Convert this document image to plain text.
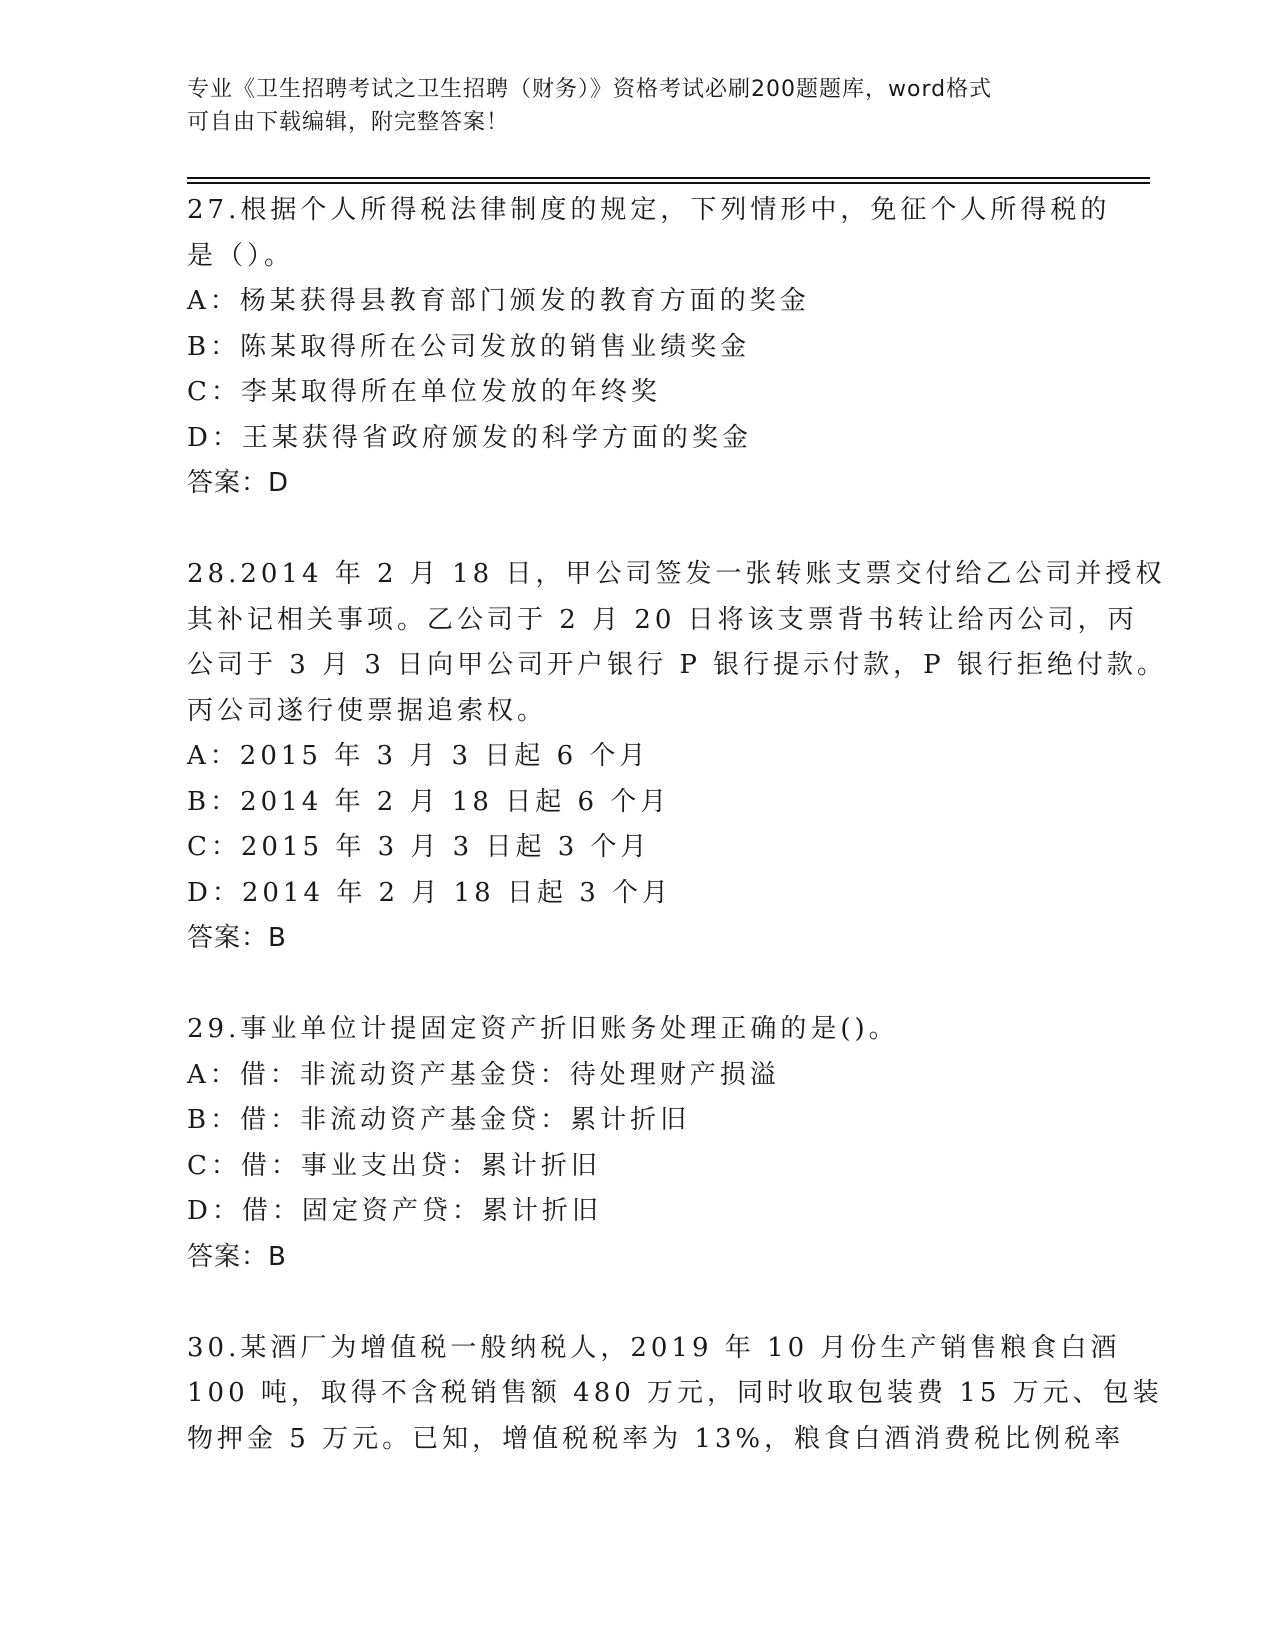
专业《卫生招聘考试之卫生招聘（财务）》资格考试必刷200题题库，word格式
可自由下载编辑，附完整答案！
27.根据个人所得税法律制度的规定，下列情形中，免征个人所得税的
是（）。
A：杨某获得县教育部门颁发的教育方面的奖金
B：陈某取得所在公司发放的销售业绩奖金
C：李某取得所在单位发放的年终奖
D：王某获得省政府颁发的科学方面的奖金
答案：D
28.2014 年 2 月 18 日，甲公司签发一张转账支票交付给乙公司并授权
其补记相关事项。乙公司于 2 月 20 日将该支票背书转让给丙公司，丙
公司于 3 月 3 日向甲公司开户银行 P 银行提示付款，P 银行拒绝付款。
丙公司遂行使票据追索权。
A：2015 年 3 月 3 日起 6 个月
B：2014 年 2 月 18 日起 6 个月
C：2015 年 3 月 3 日起 3 个月
D：2014 年 2 月 18 日起 3 个月
答案：B
29.事业单位计提固定资产折旧账务处理正确的是()。
A：借：非流动资产基金贷：待处理财产损溢
B：借：非流动资产基金贷：累计折旧
C：借：事业支出贷：累计折旧
D：借：固定资产贷：累计折旧
答案：B
30.某酒厂为增值税一般纳税人，2019 年 10 月份生产销售粮食白酒
100 吨，取得不含税销售额 480 万元，同时收取包装费 15 万元、包装
物押金 5 万元。已知，增值税税率为 13%，粮食白酒消费税比例税率
